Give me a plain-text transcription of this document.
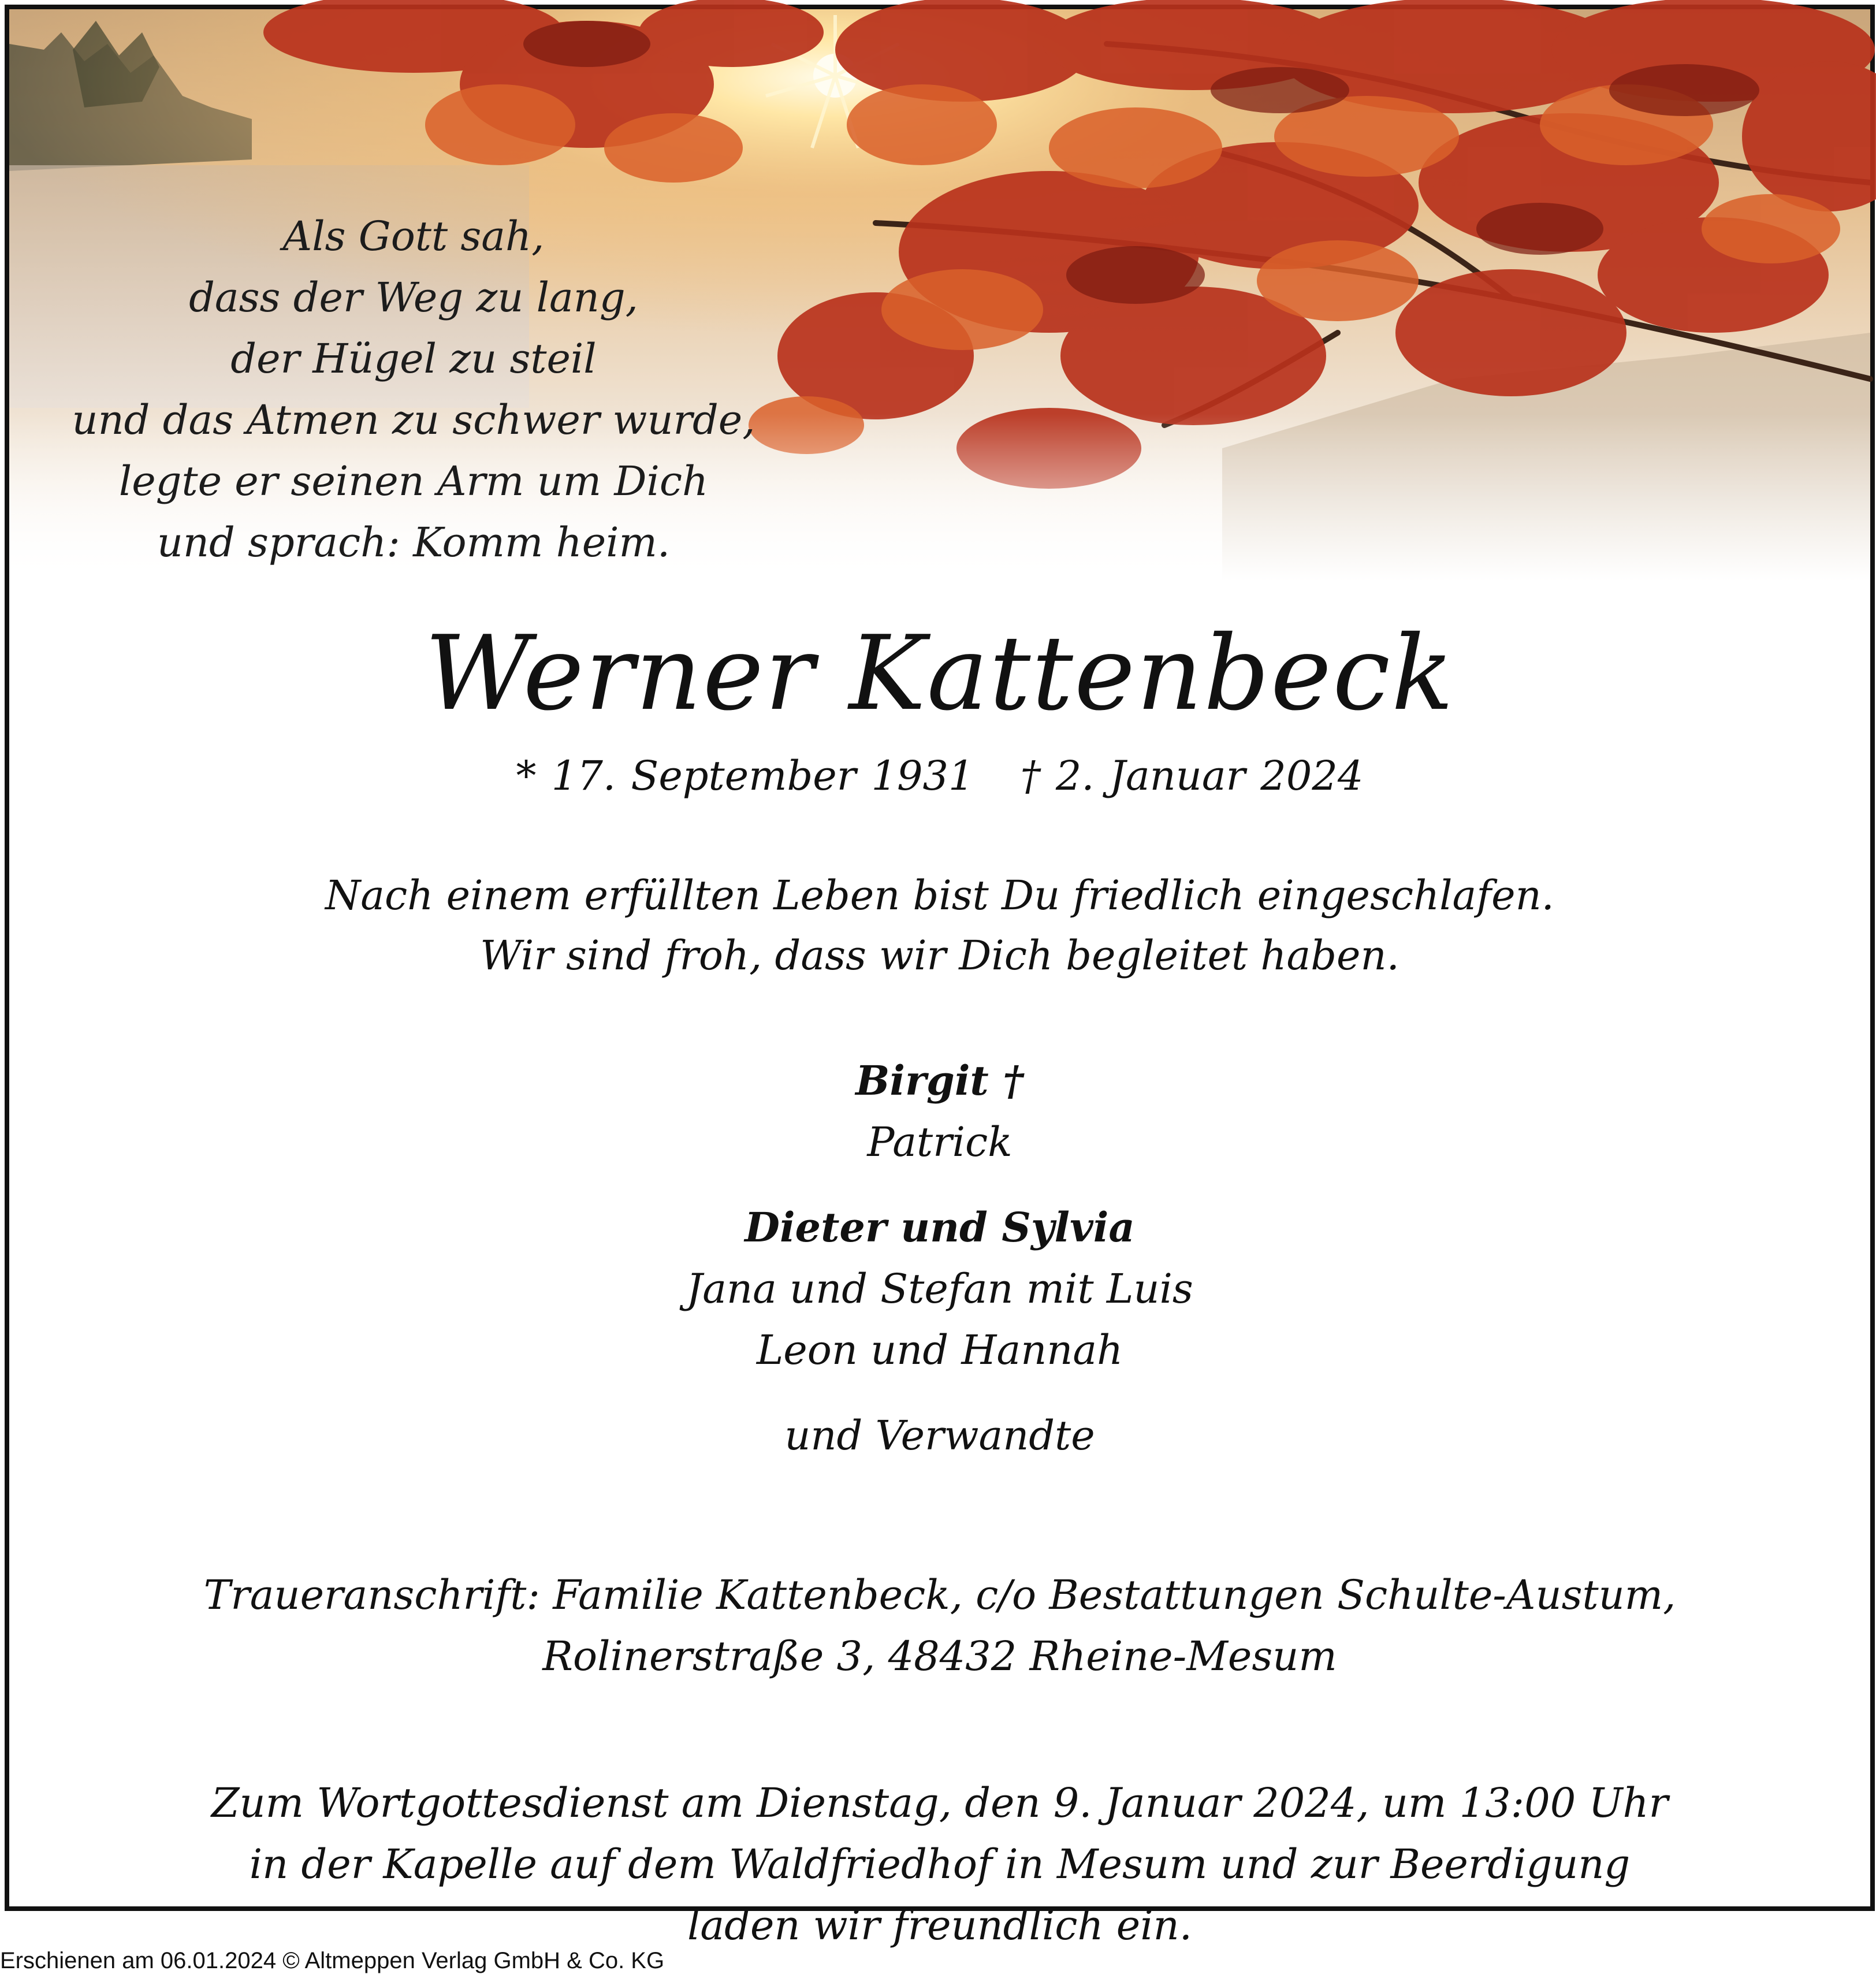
Als Gott sah,
dass der Weg zu lang,
der Hügel zu steil
und das Atmen zu schwer wurde,
legte er seinen Arm um Dich
und sprach: Komm heim.
Werner Kattenbeck
* 17. September 1931 † 2. Januar 2024
Nach einem erfüllten Leben bist Du friedlich eingeschlafen.
Wir sind froh, dass wir Dich begleitet haben.
Birgit †
Patrick
Dieter und Sylvia
Jana und Stefan mit Luis
Leon und Hannah
und Verwandte
Traueranschrift: Familie Kattenbeck, c/o Bestattungen Schulte-Austum,
Rolinerstraße 3, 48432 Rheine-Mesum
Zum Wortgottesdienst am Dienstag, den 9. Januar 2024, um 13:00 Uhr
in der Kapelle auf dem Waldfriedhof in Mesum und zur Beerdigung
laden wir freundlich ein.
Erschienen am 06.01.2024 © Altmeppen Verlag GmbH & Co. KG
